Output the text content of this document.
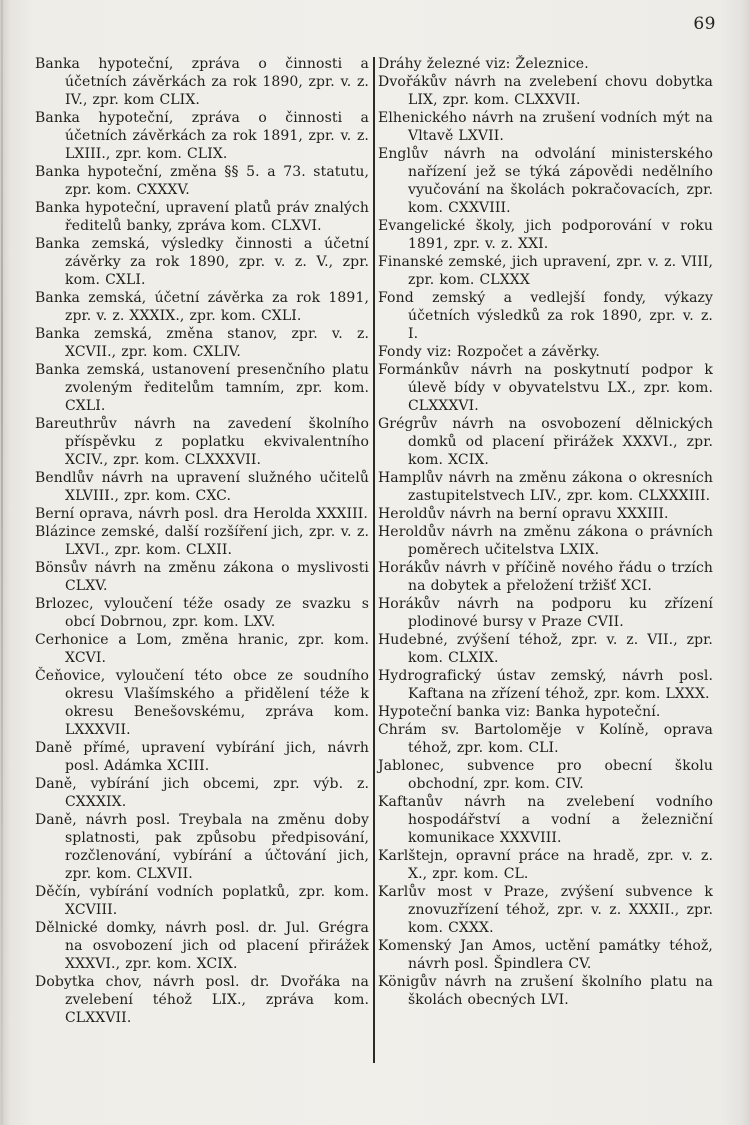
69

Banka hypoteční, zpráva o činnosti a účetních závěrkách za rok 1890, zpr. v. z. IV., zpr. kom CLIX.

Banka hypoteční, zpráva o činnosti a účetních závěrkách za rok 1891, zpr. v. z. LXIII., zpr. kom. CLIX.

Banka hypoteční, změna §§ 5. a 73. statutu, zpr. kom. CXXXV.

Banka hypoteční, upravení platů práv znalých ředitelů banky, zpráva kom. CLXVI.

Banka zemská, výsledky činnosti a účetní závěrky za rok 1890, zpr. v. z. V., zpr. kom. CXLI.

Banka zemská, účetní závěrka za rok 1891, zpr. v. z. XXXIX., zpr. kom. CXLI.

Banka zemská, změna stanov, zpr. v. z. XCVII., zpr. kom. CXLIV.

Banka zemská, ustanovení presenčního platu zvoleným ředitelům tamním, zpr. kom. CXLI.

Bareuthrův návrh na zavedení školního příspěvku z poplatku ekvivalentního XCIV., zpr. kom. CLXXXVII.

Bendlův návrh na upravení služného učitelů XLVIII., zpr. kom. CXC.

Berní oprava, návrh posl. dra Herolda XXXIII.

Blázince zemské, další rozšíření jich, zpr. v. z. LXVI., zpr. kom. CLXII.

Bönsův návrh na změnu zákona o myslivosti CLXV.

Brlozec, vyloučení téže osady ze svazku s obcí Dobrnou, zpr. kom. LXV.

Cerhonice a Lom, změna hranic, zpr. kom. XCVI.

Čeňovice, vyloučení této obce ze soudního okresu Vlašímského a přidělení téže k okresu Benešovskému, zpráva kom. LXXXVII.

Daně přímé, upravení vybírání jich, návrh posl. Adámka XCIII.

Daně, vybírání jich obcemi, zpr. výb. z. CXXXIX.

Daně, návrh posl. Treybala na změnu doby splatnosti, pak způsobu předpisování, rozčlenování, vybírání a účtování jich, zpr. kom. CLXVII.

Děčín, vybírání vodních poplatků, zpr. kom. XCVIII.

Dělnické domky, návrh posl. dr. Jul. Grégra na osvobození jich od placení přirážek XXXVI., zpr. kom. XCIX.

Dobytka chov, návrh posl. dr. Dvořáka na zvelebení téhož LIX., zpráva kom. CLXXVII.

Dráhy železné viz: Železnice.

Dvořákův návrh na zvelebení chovu dobytka LIX, zpr. kom. CLXXVII.

Elhenického návrh na zrušení vodních mýt na Vltavě LXVII.

Englův návrh na odvolání ministerského nařízení jež se týká zápovědi nedělního vyučování na školách pokračovacích, zpr. kom. CXXVIII.

Evangelické školy, jich podporování v roku 1891, zpr. v. z. XXI.

Finanské zemské, jich upravení, zpr. v. z. VIII, zpr. kom. CLXXX

Fond zemský a vedlejší fondy, výkazy účetních výsledků za rok 1890, zpr. v. z. I.

Fondy viz: Rozpočet a závěrky.

Formánkův návrh na poskytnutí podpor k úlevě bídy v obyvatelstvu LX., zpr. kom. CLXXXVI.

Grégrův návrh na osvobození dělnických domků od placení přirážek XXXVI., zpr. kom. XCIX.

Hamplův návrh na změnu zákona o okresních zastupitelstvech LIV., zpr. kom. CLXXXIII.

Heroldův návrh na berní opravu XXXIII.

Heroldův návrh na změnu zákona o právních poměrech učitelstva LXIX.

Horákův návrh v příčině nového řádu o trzích na dobytek a přeložení tržišť XCI.

Horákův návrh na podporu ku zřízení plodinové bursy v Praze CVII.

Hudebné, zvýšení téhož, zpr. v. z. VII., zpr. kom. CLXIX.

Hydrografický ústav zemský, návrh posl. Kaftana na zřízení téhož, zpr. kom. LXXX.

Hypoteční banka viz: Banka hypoteční.

Chrám sv. Bartoloměje v Kolíně, oprava téhož, zpr. kom. CLI.

Jablonec, subvence pro obecní školu obchodní, zpr. kom. CIV.

Kaftanův návrh na zvelebení vodního hospodářství a vodní a železniční komunikace XXXVIII.

Karlštejn, opravní práce na hradě, zpr. v. z. X., zpr. kom. CL.

Karlův most v Praze, zvýšení subvence k znovuzřízení téhož, zpr. v. z. XXXII., zpr. kom. CXXX.

Komenský Jan Amos, uctění památky téhož, návrh posl. Špindlera CV.

Königův návrh na zrušení školního platu na školách obecných LVI.
